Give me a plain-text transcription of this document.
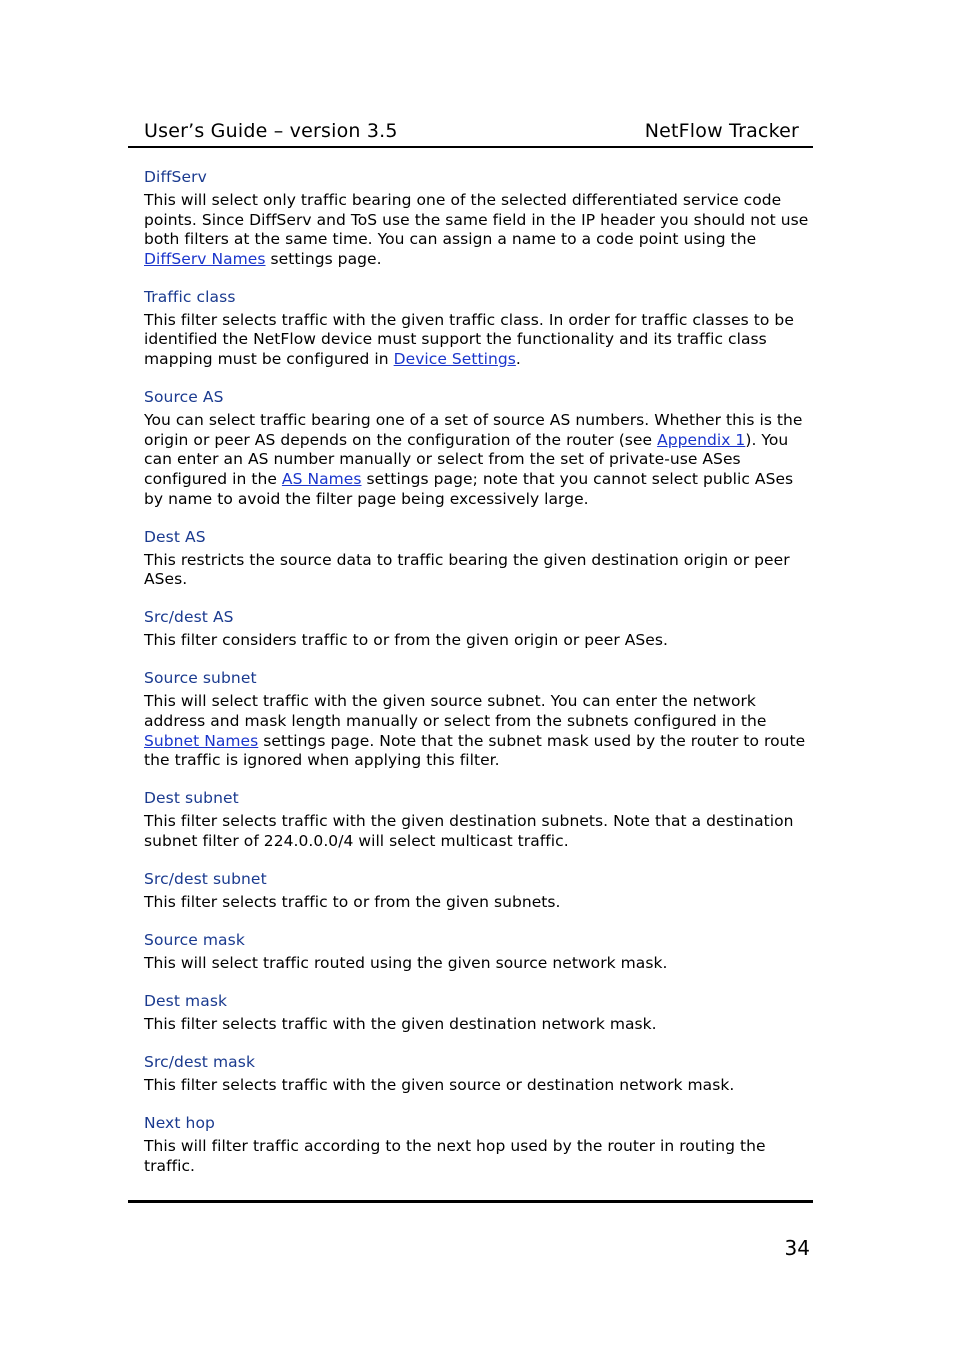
User’s Guide – version 3.5	NetFlow Tracker
DiffServ

This will select only traffic bearing one of the selected differentiated service code points. Since DiffServ and ToS use the same field in the IP header you should not use both filters at the same time. You can assign a name to a code point using the DiffServ Names settings page.

Traffic class

This filter selects traffic with the given traffic class. In order for traffic classes to be identified the NetFlow device must support the functionality and its traffic class mapping must be configured in Device Settings.

Source AS

You can select traffic bearing one of a set of source AS numbers. Whether this is the origin or peer AS depends on the configuration of the router (see Appendix 1). You can enter an AS number manually or select from the set of private-use ASes configured in the AS Names settings page; note that you cannot select public ASes by name to avoid the filter page being excessively large.

Dest AS

This restricts the source data to traffic bearing the given destination origin or peer ASes.

Src/dest AS

This filter considers traffic to or from the given origin or peer ASes.

Source subnet

This will select traffic with the given source subnet. You can enter the network address and mask length manually or select from the subnets configured in the Subnet Names settings page. Note that the subnet mask used by the router to route the traffic is ignored when applying this filter.

Dest subnet

This filter selects traffic with the given destination subnets. Note that a destination subnet filter of 224.0.0.0/4 will select multicast traffic.

Src/dest subnet

This filter selects traffic to or from the given subnets.

Source mask

This will select traffic routed using the given source network mask.

Dest mask

This filter selects traffic with the given destination network mask.

Src/dest mask

This filter selects traffic with the given source or destination network mask.

Next hop

This will filter traffic according to the next hop used by the router in routing the traffic.

34
